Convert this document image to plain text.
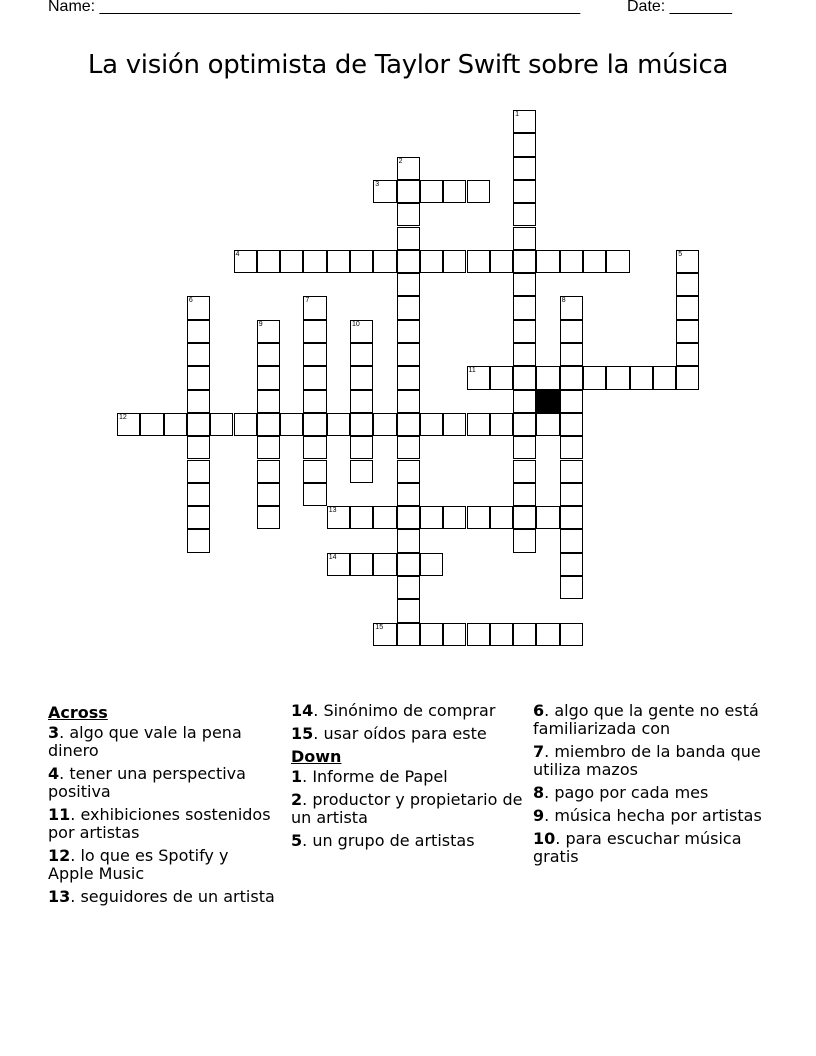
Name: ______________________________________________________	Date: _______
La visión optimista de Taylor Swift sobre la música
1
2
3
4	5
6	7	8
9	10
11
12
13
14
15
Across
3. algo que vale la pena dinero
4. tener una perspectiva positiva
11. exhibiciones sostenidos por artistas
12. lo que es Spotify y Apple Music
13. seguidores de un artista
14. Sinónimo de comprar
15. usar oídos para este
Down
1. Informe de Papel
2. productor y propietario de un artista
5. un grupo de artistas
6. algo que la gente no está familiarizada con
7. miembro de la banda que utiliza mazos
8. pago por cada mes
9. música hecha por artistas
10. para escuchar música gratis
